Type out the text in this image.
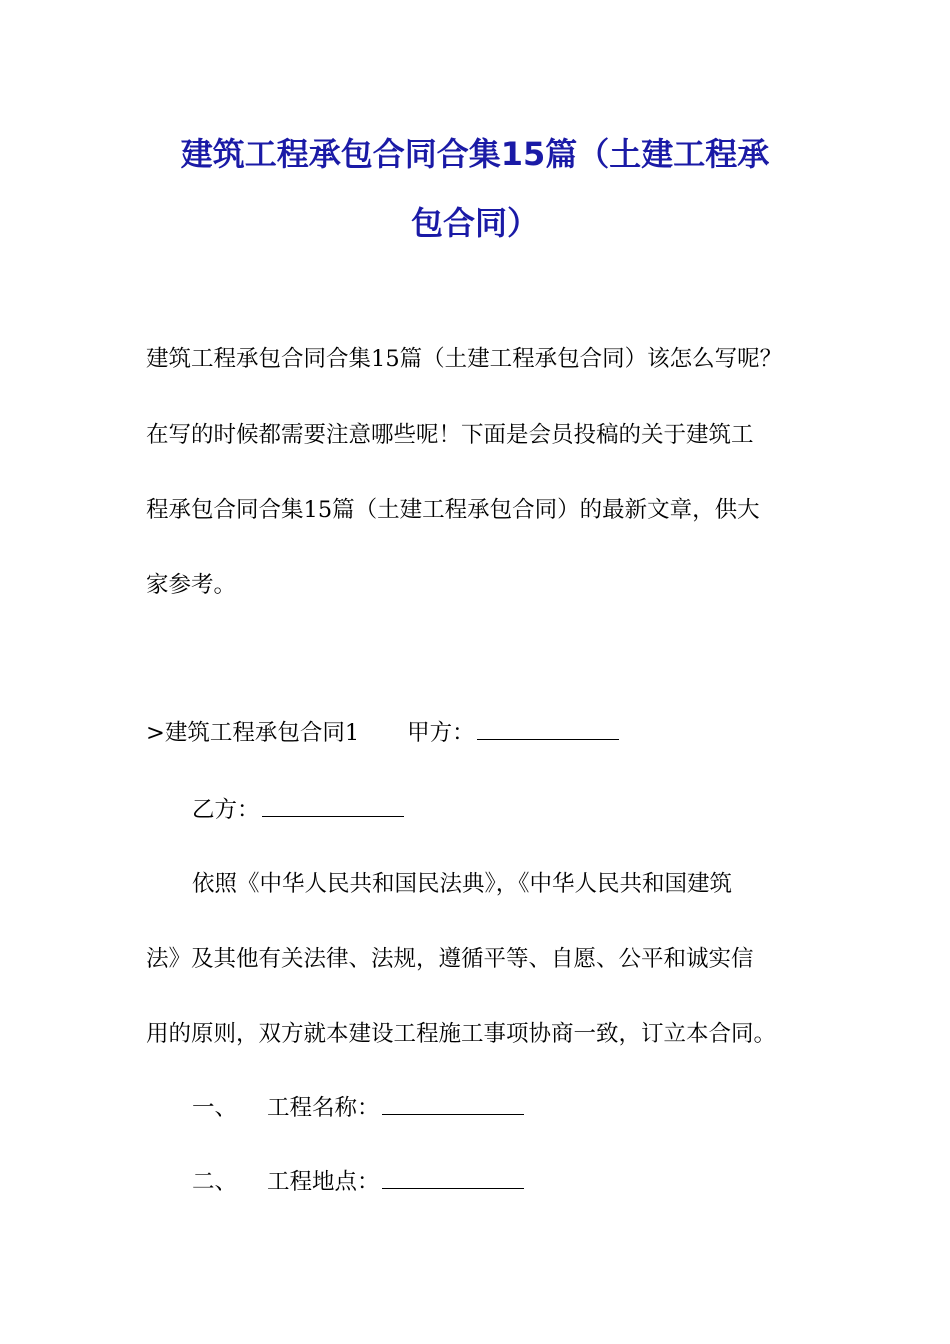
建筑工程承包合同合集15篇（土建工程承
包合同）
建筑工程承包合同合集15篇（土建工程承包合同）该怎么写呢？
在写的时候都需要注意哪些呢！下面是会员投稿的关于建筑工
程承包合同合集15篇（土建工程承包合同）的最新文章，供大
家参考。
>建筑工程承包合同1 甲方：
乙方：
依照《中华人民共和国民法典》，《中华人民共和国建筑
法》及其他有关法律、法规，遵循平等、自愿、公平和诚实信
用的原则，双方就本建设工程施工事项协商一致，订立本合同。
一、 工程名称：
二、 工程地点：
